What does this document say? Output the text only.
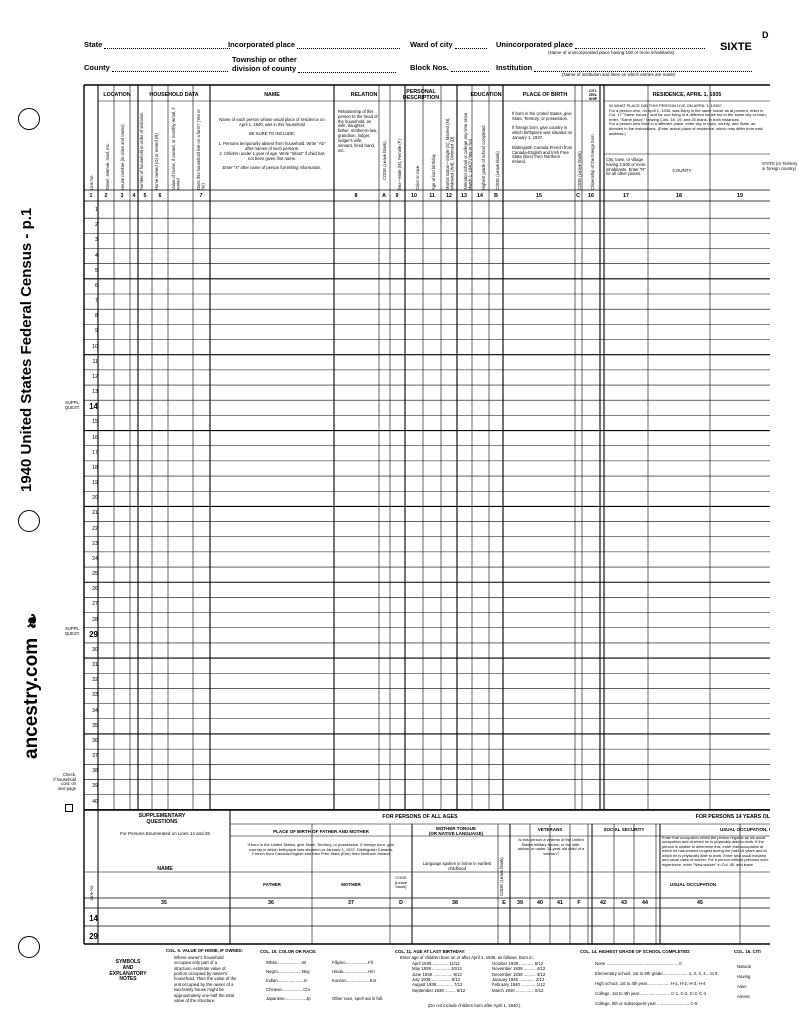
1940 United States Federal Census - p.1
ancestry.com
❧
State
County
Incorporated place
Township or other
division of county
Ward of city
Block Nos.
Unincorporated place
(Name of unincorporated place having 100 or more inhabitants)
Institution
(Name of institution and lines on which entries are made)
SIXTE
D
LOCATION	HOUSEHOLD DATA	NAME	RELATION	PERSONAL
DESCRIPTION
EDUCATION	PLACE OF BIRTH
CITI-
ZEN-
SHIP
RESIDENCE, APRIL 1, 1935
Line No.	Street, avenue, road, etc. House number (in cities and towns)	Number of household in order of visitation	Home owned (O) or rented (R)	Value of home, if owned, or monthly rental, if rented	Does this household live on a farm? (Yes or No)
Name of each person whose usual place of residence on April 1, 1940, was in this household

BE SURE TO INCLUDE:

1. Persons temporarily absent from household. Write "Ab" after names of such persons.
2. Children under 1 year of age. Write "Infant" if child has not been given first name.

Enter "X" after name of person furnishing information.
Relationship of this person to the head of the household, as wife, daughter, father, mother-in-law, grandson, lodger, lodger's wife, servant, hired hand, etc.	CODE (Leave blank) Sex—Male (M), Female (F)	Color or race	Age at last birthday Marital status—Single (S), Married (M), Widowed (Wd), Divorced (D)	Attended school or college any time since March 1, 1940? (Yes or No)	Highest grade of school completed CODE (Leave blank)
If born in the United States, give State, Territory, or possession.

If foreign born, give country in which birthplace was situated on January 1, 1937.

Distinguish Canada-French from Canada-English and Irish Free State (Eire) from Northern Ireland.	CODE (Leave blank) Citizenship of the foreign born
IN WHAT PLACE DID THIS PERSON LIVE ON APRIL 1, 1935?
For a person who, on April 1, 1935, was living in the same house as at present, enter in Col. 17 "Same house," and for one living in a different house but in the same city or town, enter, "Same place," leaving Cols. 18, 19, and 20 blank, in both instances.
For a person who lived in a different place, enter city or town, county, and State, as directed in the instructions. (Enter actual place of residence, which may differ from mail address.)
City, town, or village having 2,500 or more inhabitants. Enter "R" for all other places.
COUNTY
STATE (or Territory or foreign country)
1	2	3	4	5	6	7	8	A	9	10	11	12	13	14	B	15	C	16	17	18	19
1
2
3
4
5
6
7
8
9
10
11
12
13
14
15
16
17
18
19
20
21
22
23
24
25
26
27
28
29
30
31
32
33
34
35
36
37
38
39
40
SUPPL.
QUEST.
SUPPL.
QUEST.
Check,
if household
cont. on
next page
SUPPLEMENTARY
QUESTIONS
For Persons Enumerated on Lines 14 and 29
FOR PERSONS OF ALL AGES	FOR PERSONS 14 YEARS OL
PLACE OF BIRTH OF FATHER AND MOTHER
MOTHER TONGUE
(OR NATIVE LANGUAGE)
VETERANS	SOCIAL SECURITY	USUAL OCCUPATION, I
If born in the United States, give State, Territory, or possession. If foreign born, give country in which birthplace was situated on January 1, 1937. Distinguish Canada-French from Canada-English and Irish Free State (Eire) from Northern Ireland
NAME
Line No.	FATHER	MOTHER
CODE
(Leave
blank)
Language spoken in home in earliest childhood	CODE (Leave blank)
Is this person a veteran of the United States military forces; or the wife, widow, or under 18-year-old child of a veteran?
Enter that occupation which the person regards as his usual occupation and at which he is physically able to work. If the person is unable to determine this, enter that occupation at which he has worked longest during the past 10 years and at which he is physically able to work. Enter also usual industry and usual class of worker. For a person without previous work experience, enter "New worker" in Col. 45, and leave
USUAL OCCUPATION
35	36	37	D	38	E	39	40	41	F	42	43	44	45
14
29
SYMBOLS
AND
EXPLANATORY
NOTES
COL. 5. VALUE OF HOME, IF OWNED:
Where owner's household
occupies only part of a
structure, estimate value of
portion occupied by owner's
household. Then the value of the
unit occupied by the owner of a
two-family house might be
approximately one-half the total
value of the structure.
COL. 10. COLOR OR RACE:
White.....................W
Negro....................Neg
Indian......................In
Chinese..................Chi
Japanese..................Jp
Filipino...................Fil
Hindu.....................Hin
Korean....................Kor

Other race, spell out in full.
COL. 11. AGE AT LAST BIRTHDAY:
Enter age of children born on or after April 1, 1939, as follows. Born in:
April 1939 ............. 11/12
May 1939 ............... 10/12
June 1939 ................ 9/12
July 1939 ................ 8/12
August 1939 ............. 7/12
September 1939 ......... 6/12
October 1939 ............ 5/12
November 1939 .......... 4/12
December 1939 .......... 3/12
January 1940 ............. 2/12
February 1940 ............ 1/12
March 1940 ............... 0/12
(Do not include children born after April 1, 1940.)
COL. 14. HIGHEST GRADE OF SCHOOL COMPLETED:
None ............................................................ 0
Elementary school, 1st to 8th grade..................... 1, 2, 3, 4... to 8
High school, 1st to 4th year................... H-1, H-2, H-3, H-4
College, 1st to 4th year.......................... C-1, C-2, C-3, C-4
College, 5th or subsequent year ........................... C-5
COL. 16. CITI
Natural
Having
Alien
Americ
